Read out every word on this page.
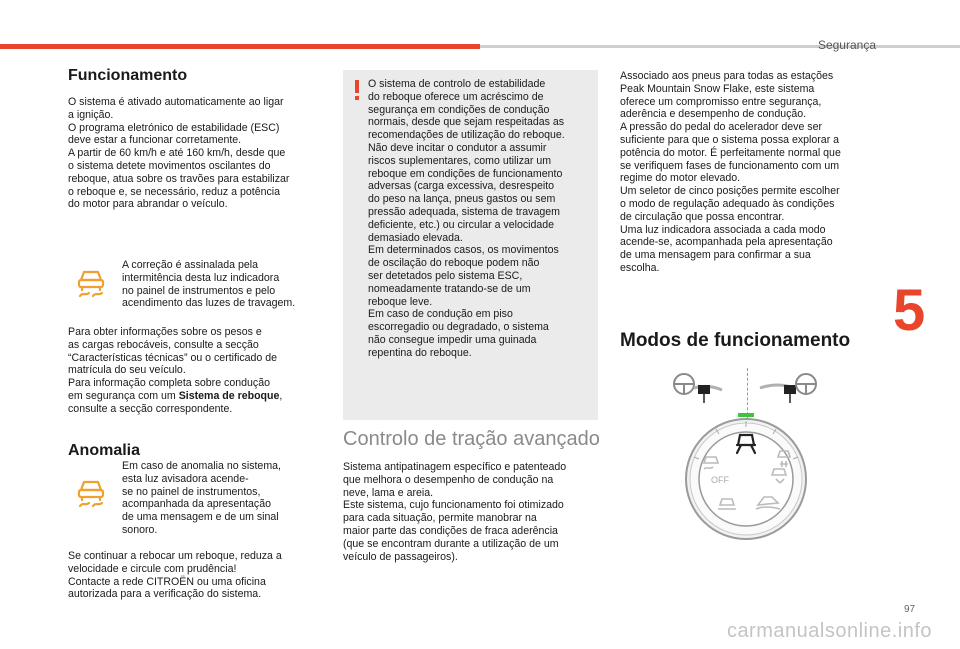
Segurança
5
97
carmanualsonline.info
Funcionamento

O sistema é ativado automaticamente ao ligar
a ignição.
O programa eletrónico de estabilidade (ESC)
deve estar a funcionar corretamente.
A partir de 60 km/h e até 160 km/h, desde que
o sistema detete movimentos oscilantes do
reboque, atua sobre os travões para estabilizar
o reboque e, se necessário, reduz a potência
do motor para abrandar o veículo.

A correção é assinalada pela
intermitência desta luz indicadora
no painel de instrumentos e pelo
acendimento das luzes de travagem.

Para obter informações sobre os pesos e
as cargas rebocáveis, consulte a secção
“Características técnicas” ou o certificado de
matrícula do seu veículo.
Para informação completa sobre condução
em segurança com um Sistema de reboque,
consulte a secção correspondente.

Anomalia

Em caso de anomalia no sistema,
esta luz avisadora acende-
se no painel de instrumentos,
acompanhada da apresentação
de uma mensagem e de um sinal
sonoro.

Se continuar a rebocar um reboque, reduza a
velocidade e circule com prudência!
Contacte a rede CITROËN ou uma oficina
autorizada para a verificação do sistema.

O sistema de controlo de estabilidade
do reboque oferece um acréscimo de
segurança em condições de condução
normais, desde que sejam respeitadas as
recomendações de utilização do reboque.
Não deve incitar o condutor a assumir
riscos suplementares, como utilizar um
reboque em condições de funcionamento
adversas (carga excessiva, desrespeito
do peso na lança, pneus gastos ou sem
pressão adequada, sistema de travagem
deficiente, etc.) ou circular a velocidade
demasiado elevada.
Em determinados casos, os movimentos
de oscilação do reboque podem não
ser detetados pelo sistema ESC,
nomeadamente tratando-se de um
reboque leve.
Em caso de condução em piso
escorregadio ou degradado, o sistema
não consegue impedir uma guinada
repentina do reboque.

Controlo de tração avançado

Sistema antipatinagem específico e patenteado
que melhora o desempenho de condução na
neve, lama e areia.
Este sistema, cujo funcionamento foi otimizado
para cada situação, permite manobrar na
maior parte das condições de fraca aderência
(que se encontram durante a utilização de um
veículo de passageiros).

Associado aos pneus para todas as estações
Peak Mountain Snow Flake, este sistema
oferece um compromisso entre segurança,
aderência e desempenho de condução.
A pressão do pedal do acelerador deve ser
suficiente para que o sistema possa explorar a
potência do motor. É perfeitamente normal que
se verifiquem fases de funcionamento com um
regime do motor elevado.
Um seletor de cinco posições permite escolher
o modo de regulação adequado às condições
de circulação que possa encontrar.
Uma luz indicadora associada a cada modo
acende-se, acompanhada pela apresentação
de uma mensagem para confirmar a sua
escolha.

Modos de funcionamento
OFF
